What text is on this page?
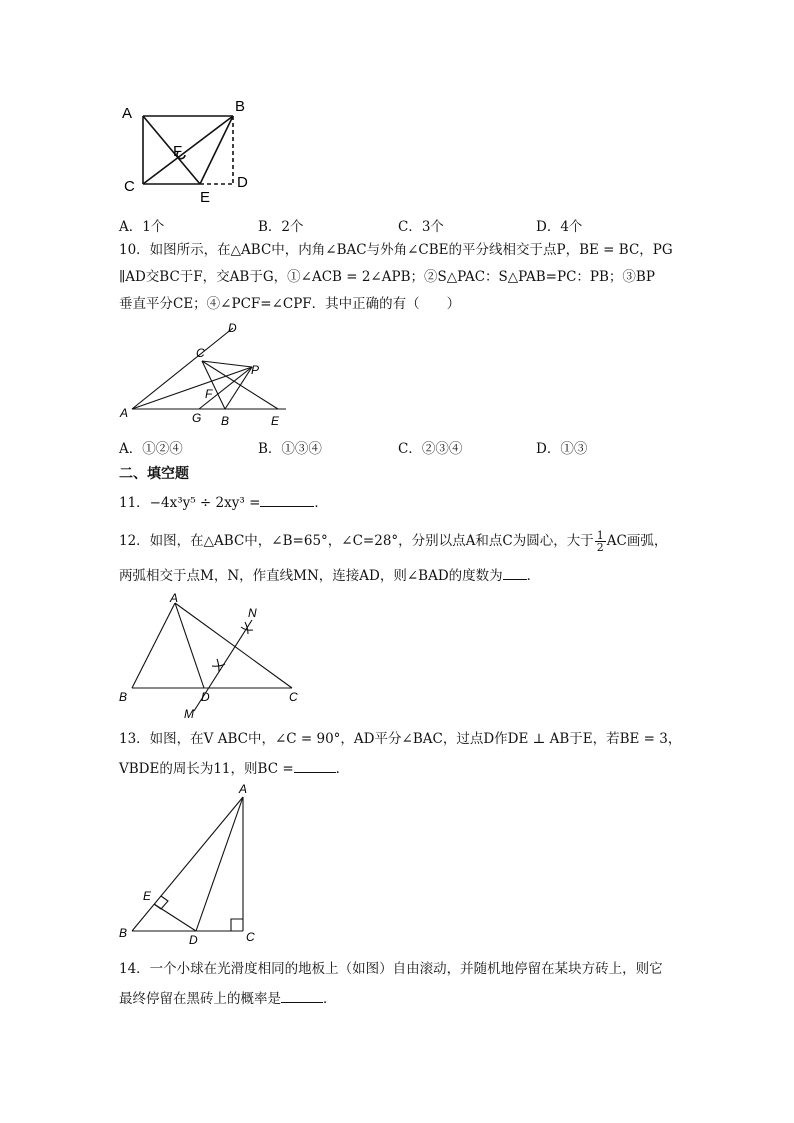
A	B
C	D
E
F
A．1个	B．2个	C．3个	D．4个
10．如图所示，在△ABC中，内角∠BAC与外角∠CBE的平分线相交于点P，BE = BC，PG
∥AD交BC于F，交AB于G，①∠ACB = 2∠APB；②S△PAC：S△PAB=PC：PB；③BP
垂直平分CE；④∠PCF=∠CPF．其中正确的有（　　）
D
C
P
F
A	G B	E
A．①②④	B．①③④	C．②③④	D．①③
二、填空题
11．−4x³y⁵ ÷ 2xy³ =	．
12．如图，在△ABC中，∠B=65°，∠C=28°，分别以点A和点C为圆心，大于 $\frac{1}{2}$ AC画弧，
两弧相交于点M，N，作直线MN，连接AD，则∠BAD的度数为 ．
A
N
B	D	C
M
13．如图，在V ABC中，∠C = 90°，AD平分∠BAC，过点D作DE ⊥ AB于E，若BE = 3，
VBDE的周长为11，则BC =	．
A
E
B	D	C
14．一个小球在光滑度相同的地板上（如图）自由滚动，并随机地停留在某块方砖上，则它
最终停留在黑砖上的概率是	．
